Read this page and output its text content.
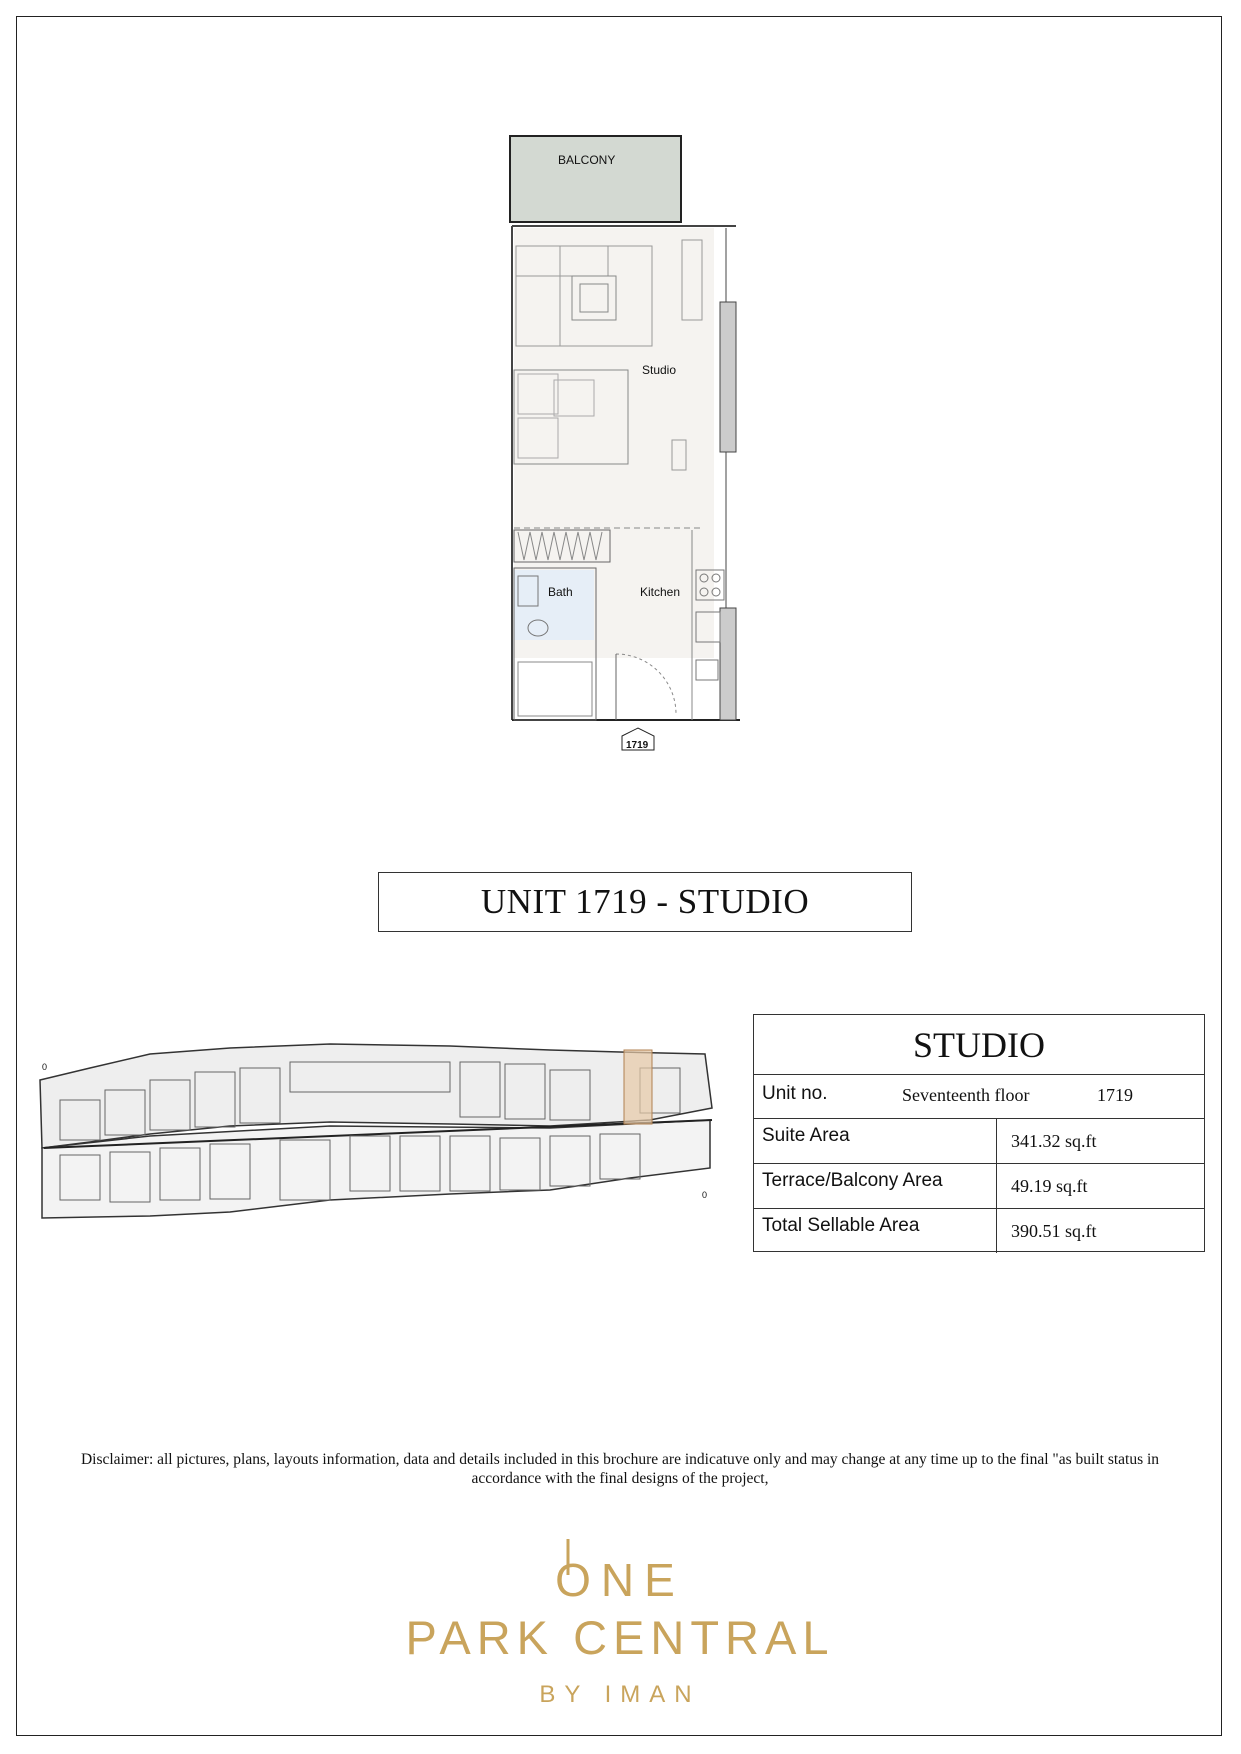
BALCONY
Studio
Bath	Kitchen
1719
UNIT 1719 - STUDIO
0
0
STUDIO
Unit no.	Seventeenth floor	1719
Suite Area	341.32 sq.ft
Terrace/Balcony Area	49.19 sq.ft
Total Sellable Area	390.51 sq.ft
Disclaimer: all pictures, plans, layouts information, data and details included in this brochure are indicatuve only and may change at any time up to the final "as built status in accordance with the final designs of the project,
ONE
PARK CENTRAL
BY IMAN
